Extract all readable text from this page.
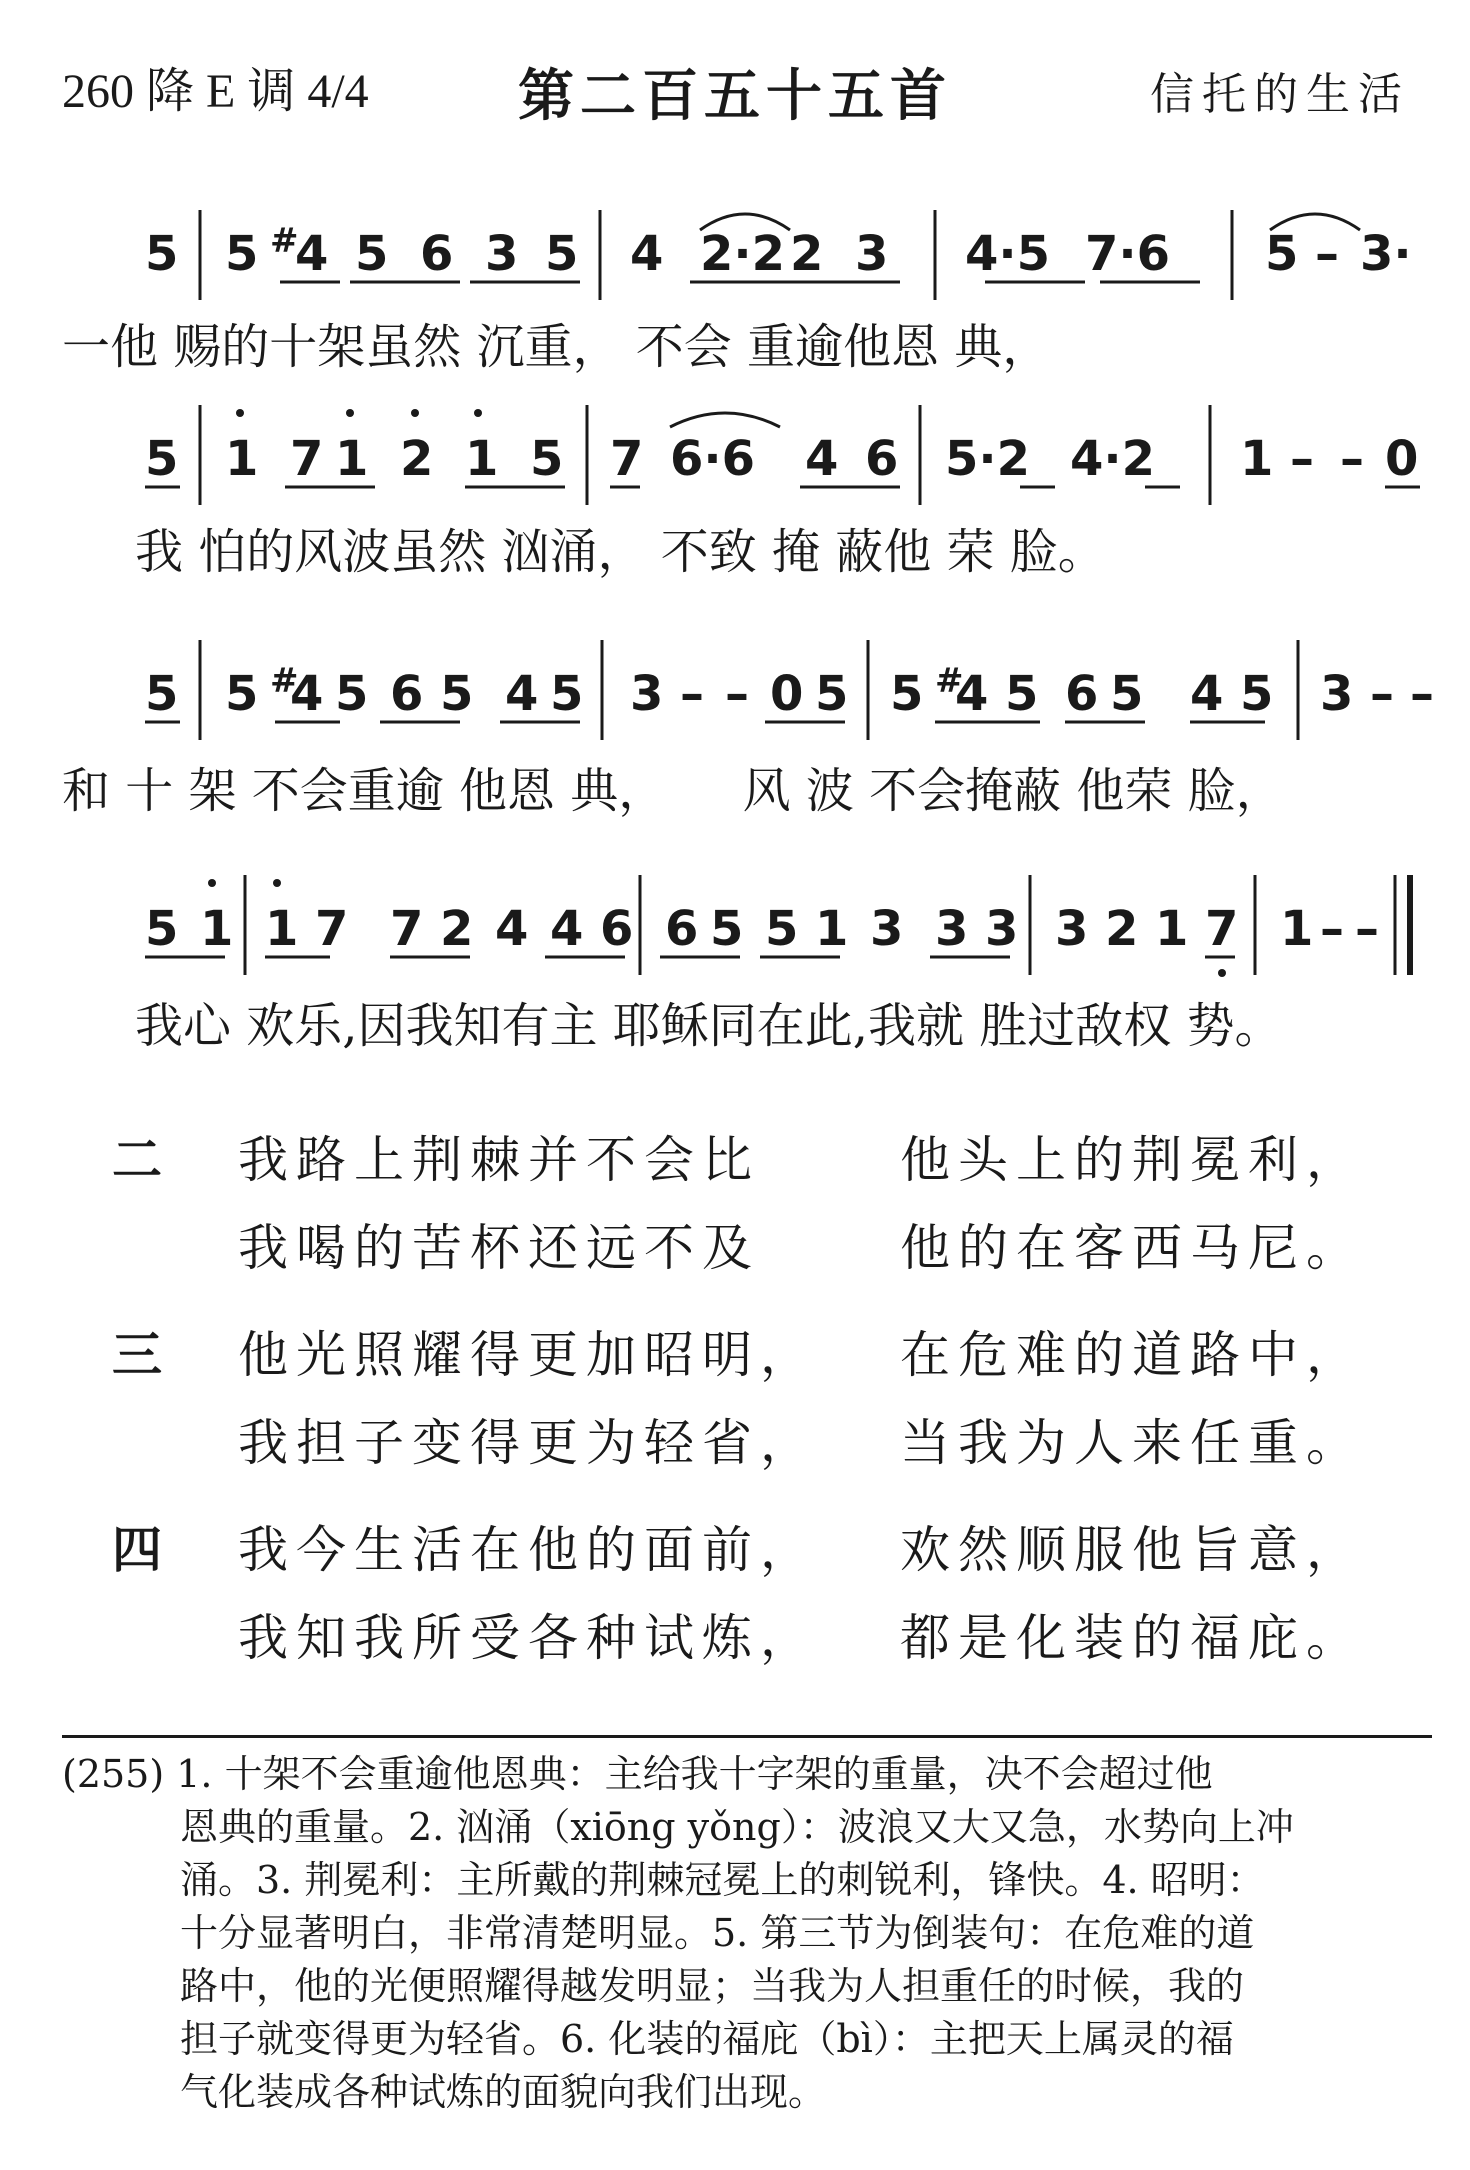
260 降 E 调 4/4	第二百五十五首	信托的生活
5 5 #
4 5 6 3 5 4 2·2 2 3 4·5 7·6 5 – 3·
一他 赐的十架虽然 沉重， 不会 重逾他恩 典，
5 1 7 1 2 1 5 7 6·6 4 6 5·2 4·2 1 – – 0
我 怕的风波虽然 汹涌， 不致 掩 蔽他 荣 脸。
5 5 #
4 5 6 5 4 5 3 – – 0 5 5 #
4 5 6 5 4 5 3 – –
和 十 架 不会重逾 他恩 典，     风 波 不会掩蔽 他荣 脸，
5 1 1 7 7 2 4 4 6 6 5 5 1 3 3 3 3 2 1 7 1 – –
我心 欢乐,因我知有主 耶稣同在此,我就 胜过敌权 势。
二 我路上荆棘并不会比	他头上的荆冕利，
我喝的苦杯还远不及	他的在客西马尼。
三 他光照耀得更加昭明， 在危难的道路中，
我担子变得更为轻省， 当我为人来任重。
四 我今生活在他的面前， 欢然顺服他旨意，
我知我所受各种试炼， 都是化装的福庇。
(255) 1. 十架不会重逾他恩典：主给我十字架的重量，决不会超过他
恩典的重量。2. 汹涌（xiōng yǒng）：波浪又大又急，水势向上冲
涌。3. 荆冕利：主所戴的荆棘冠冕上的刺锐利，锋快。4. 昭明：
十分显著明白，非常清楚明显。5. 第三节为倒装句：在危难的道
路中，他的光便照耀得越发明显；当我为人担重任的时候，我的
担子就变得更为轻省。6. 化装的福庇（bì）：主把天上属灵的福
气化装成各种试炼的面貌向我们出现。
